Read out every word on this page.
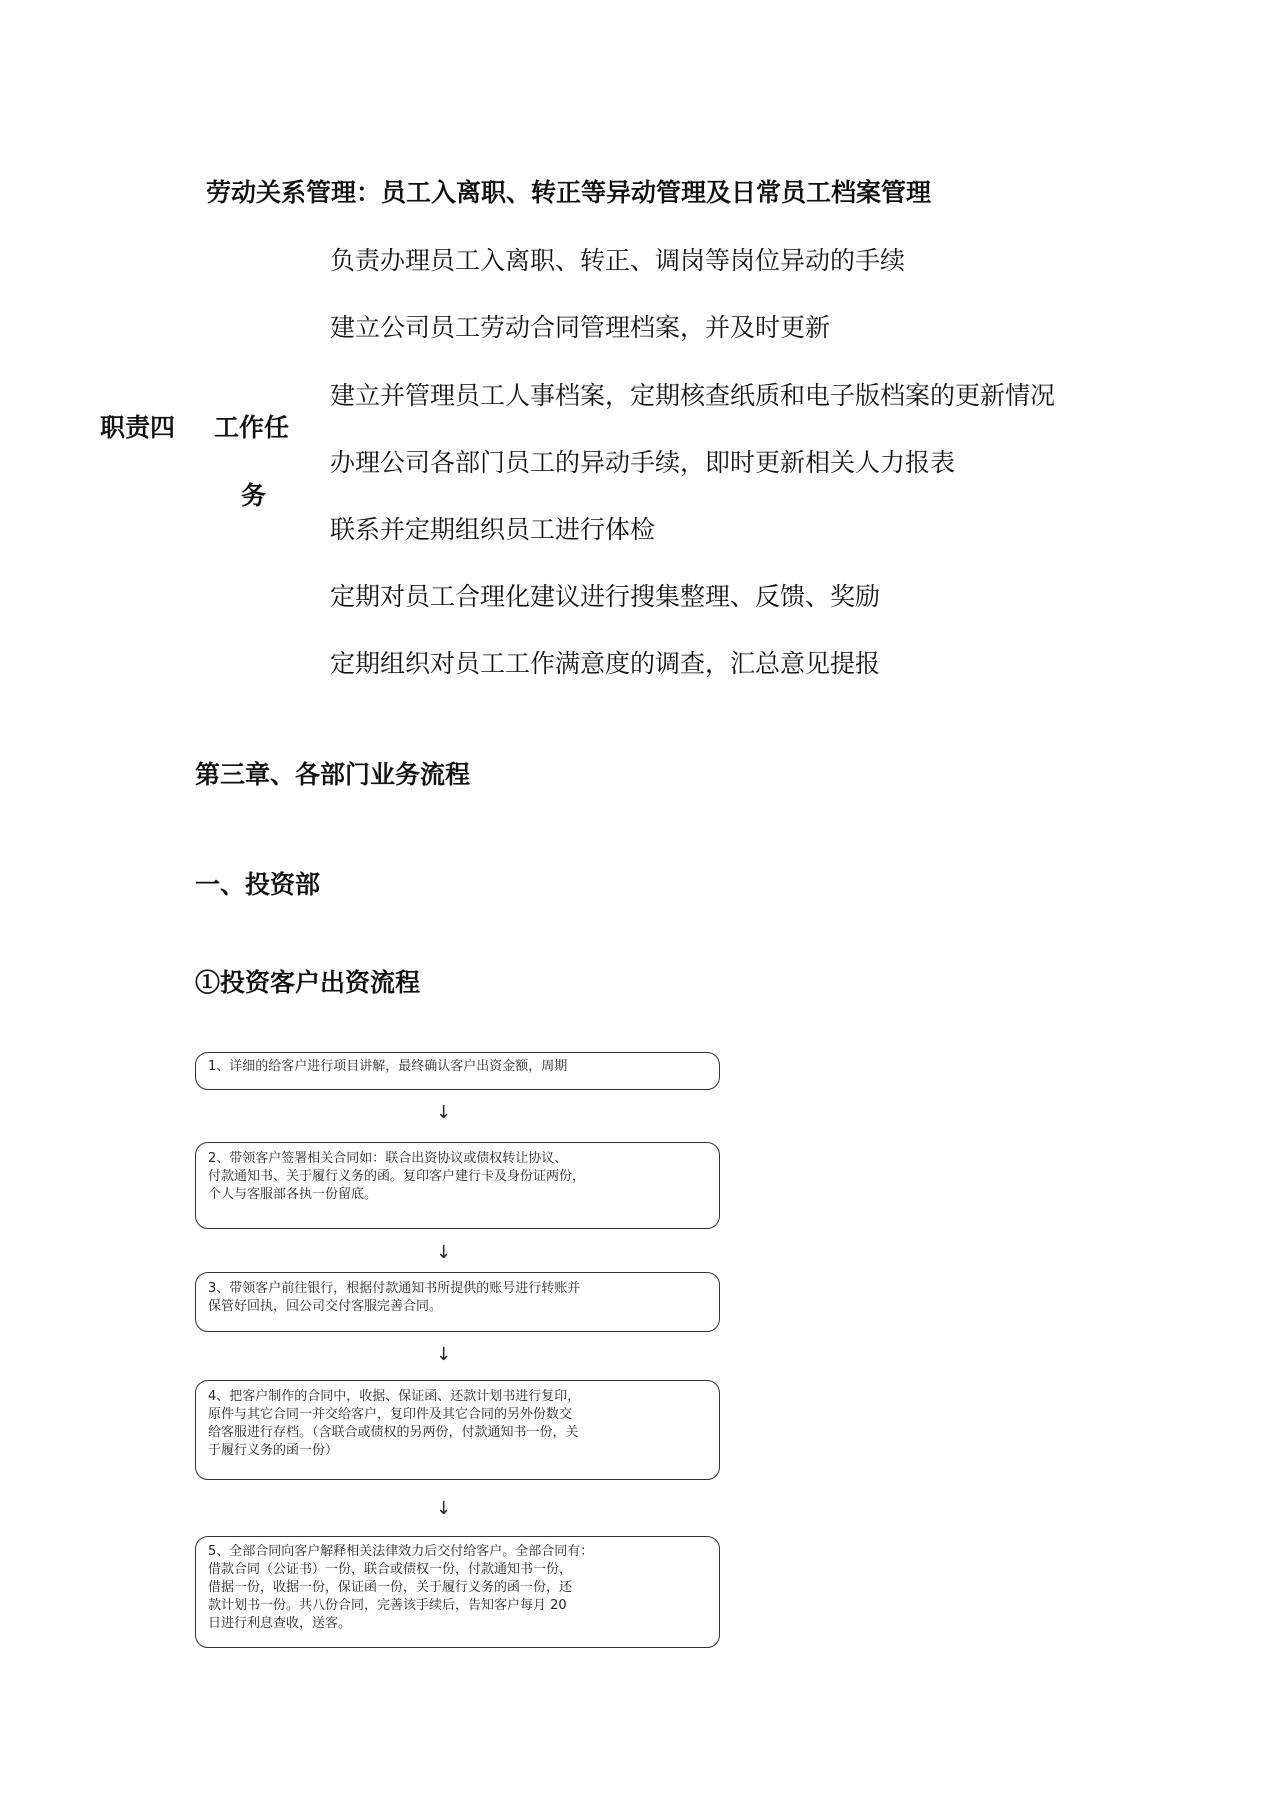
劳动关系管理：员工入离职、转正等异动管理及日常员工档案管理
职责四 工作任
务
负责办理员工入离职、转正、调岗等岗位异动的手续
建立公司员工劳动合同管理档案，并及时更新
建立并管理员工人事档案，定期核查纸质和电子版档案的更新情况
办理公司各部门员工的异动手续，即时更新相关人力报表
联系并定期组织员工进行体检
定期对员工合理化建议进行搜集整理、反馈、奖励
定期组织对员工工作满意度的调查，汇总意见提报
第三章、各部门业务流程
一、投资部
①投资客户出资流程
1、详细的给客户进行项目讲解，最终确认客户出资金额，周期
↓
2、带领客户签署相关合同如：联合出资协议或债权转让协议、
付款通知书、关于履行义务的函。复印客户建行卡及身份证两份，
个人与客服部各执一份留底。
↓
3、带领客户前往银行，根据付款通知书所提供的账号进行转账并
保管好回执，回公司交付客服完善合同。
↓
4、把客户制作的合同中，收据、保证函、还款计划书进行复印，
原件与其它合同一并交给客户，复印件及其它合同的另外份数交
给客服进行存档。（含联合或债权的另两份，付款通知书一份，关
于履行义务的函一份）
↓
5、全部合同向客户解释相关法律效力后交付给客户。全部合同有：
借款合同（公证书）一份，联合或债权一份，付款通知书一份，
借据一份，收据一份，保证函一份，关于履行义务的函一份，还
款计划书一份。共八份合同，完善该手续后，告知客户每月 20
日进行利息查收，送客。
